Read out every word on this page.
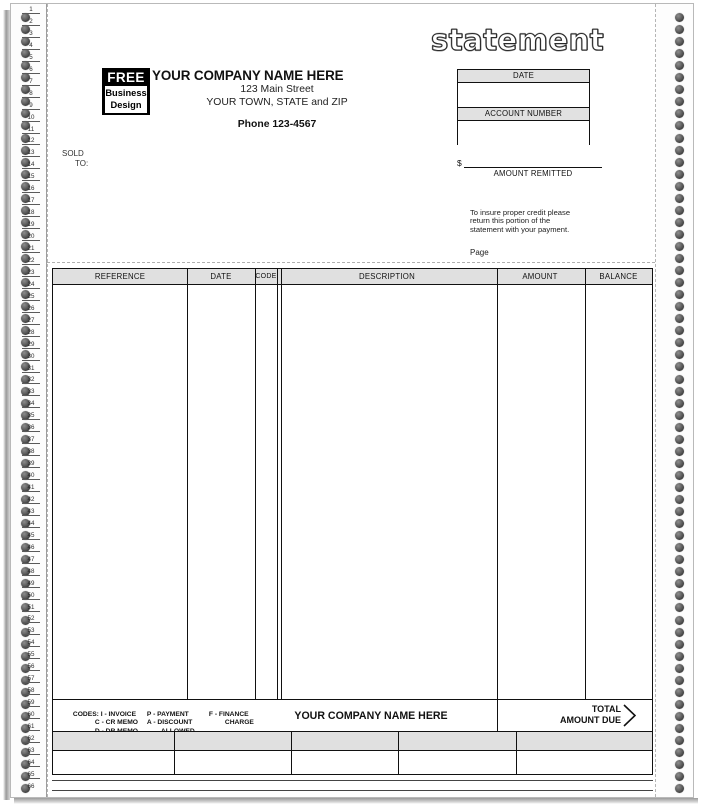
1
2
3
4
5
6
7
8
9
10
11
12
13
14
15
16
17
18
19
20
21
22
23
24
25
26
27
28
29
30
31
32
33
34
35
36
37
38
39
40
41
42
43
44
45
46
47
48
49
50
51
52
53
54
55
56
57
58
59
60
61
62
63
64
65
66
statement
FREE
Business
Design
YOUR COMPANY NAME HERE
123 Main Street
YOUR TOWN, STATE and ZIP
Phone 123-4567
SOLD
TO:
DATE
ACCOUNT NUMBER
$
AMOUNT REMITTED
To insure proper credit please
return this portion of the
statement with your payment.
Page
REFERENCE	DATE	CODE	DESCRIPTION	AMOUNT	BALANCE

CODES: I - INVOICE
C - CR MEMO
P - PAYMENT
A - DISCOUNT
F - FINANCE
CHARGE

YOUR COMPANY NAME HERE
TOTAL
AMOUNT DUE
